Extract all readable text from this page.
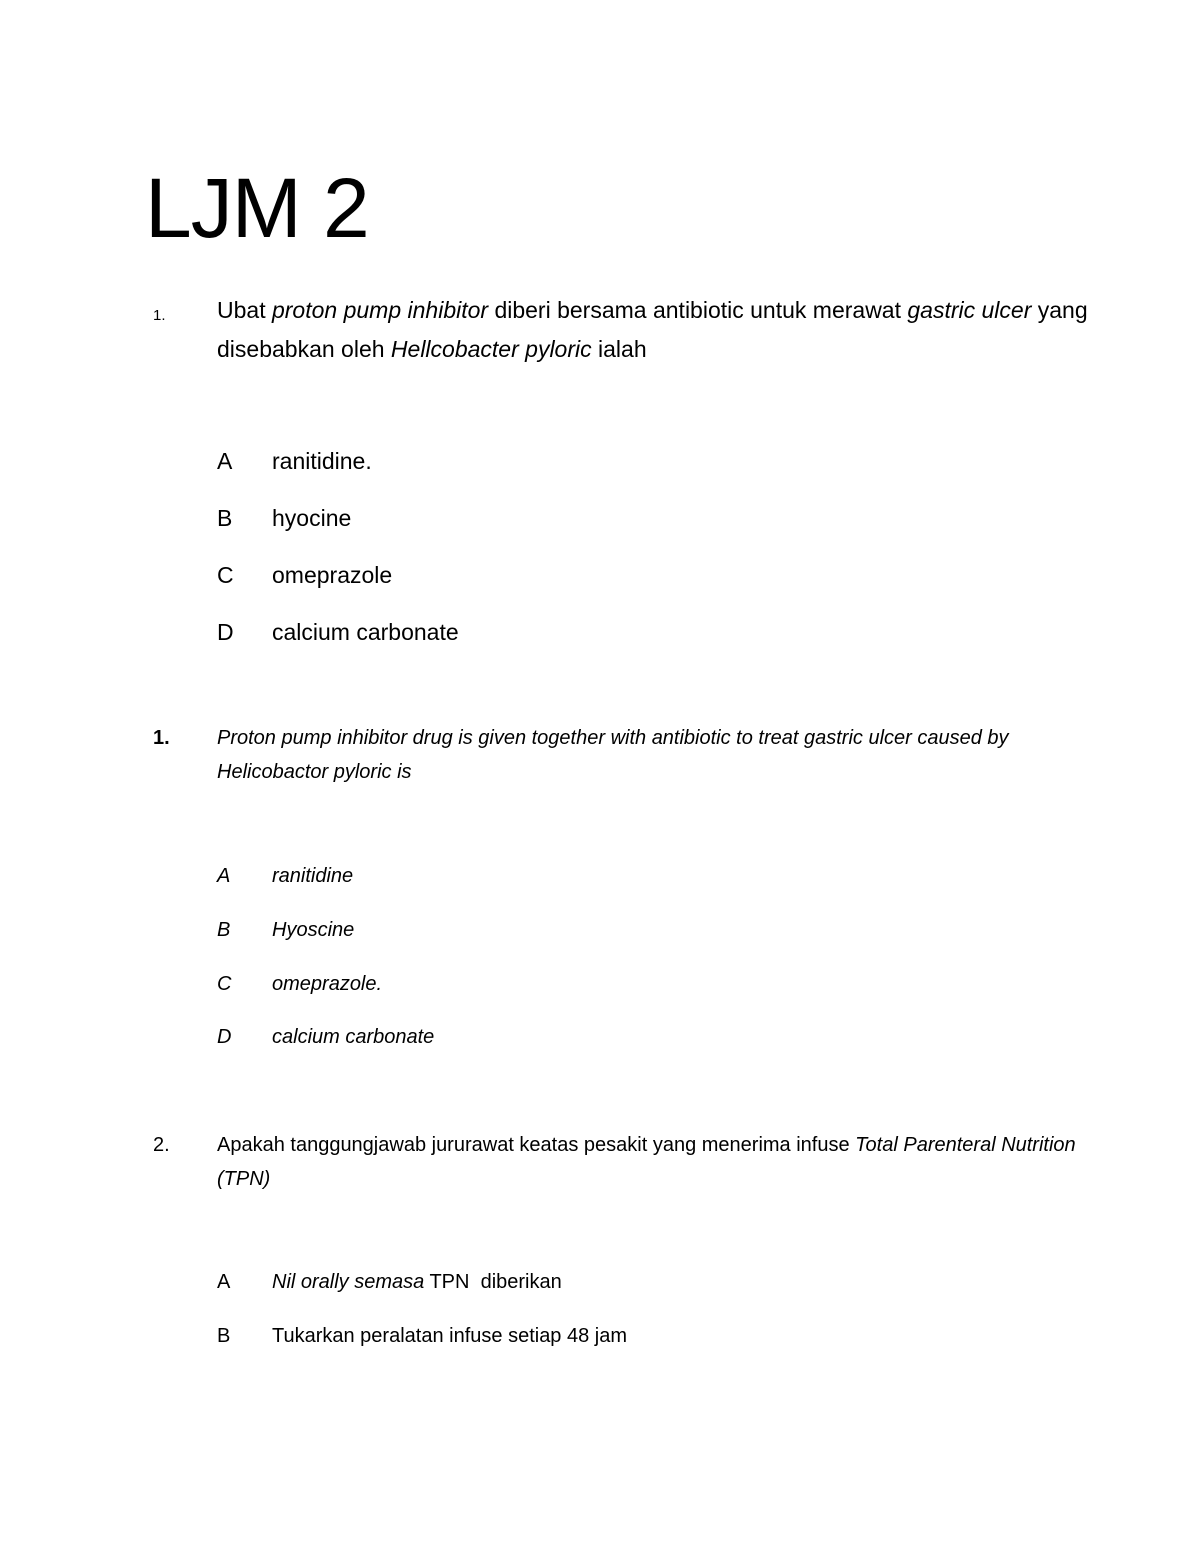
LJM 2
1. Ubat proton pump inhibitor diberi bersama antibiotic untuk merawat gastric ulcer yang disebabkan oleh Hellcobacter pyloric ialah
A ranitidine.
B hyocine
C omeprazole
D calcium carbonate
1. Proton pump inhibitor drug is given together with antibiotic to treat gastric ulcer caused by Helicobactor pyloric is
A ranitidine
B Hyoscine
C omeprazole.
D calcium carbonate
2. Apakah tanggungjawab jururawat keatas pesakit yang menerima infuse Total Parenteral Nutrition (TPN)
A Nil orally semasa TPN  diberikan
B Tukarkan peralatan infuse setiap 48 jam
